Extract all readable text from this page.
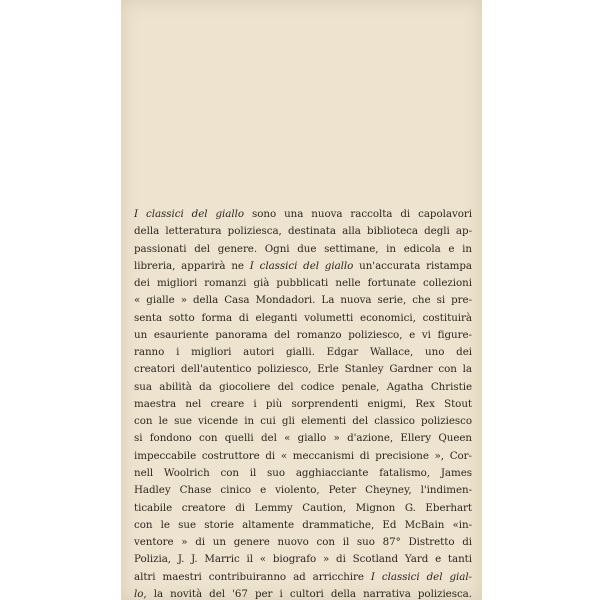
I classici del giallo sono una nuova raccolta di capolavori
della letteratura poliziesca, destinata alla biblioteca degli ap-
passionati del genere. Ogni due settimane, in edicola e in
libreria, apparirà ne I classici del giallo un'accurata ristampa
dei migliori romanzi già pubblicati nelle fortunate collezioni
« gialle » della Casa Mondadori. La nuova serie, che si pre-
senta sotto forma di eleganti volumetti economici, costituirà
un esauriente panorama del romanzo poliziesco, e vi figure-
ranno i migliori autori gialli. Edgar Wallace, uno dei
creatori dell'autentico poliziesco, Erle Stanley Gardner con la
sua abilità da giocoliere del codice penale, Agatha Christie
maestra nel creare i più sorprendenti enigmi, Rex Stout
con le sue vicende in cui gli elementi del classico poliziesco
si fondono con quelli del « giallo » d'azione, Ellery Queen
impeccabile costruttore di « meccanismi di precisione », Cor-
nell Woolrich con il suo agghiacciante fatalismo, James
Hadley Chase cinico e violento, Peter Cheyney, l'indimen-
ticabile creatore di Lemmy Caution, Mignon G. Eberhart
con le sue storie altamente drammatiche, Ed McBain «in-
ventore » di un genere nuovo con il suo 87° Distretto di
Polizia, J. J. Marric il « biografo » di Scotland Yard e tanti
altri maestri contribuiranno ad arricchire I classici del gial-
lo, la novità del '67 per i cultori della narrativa poliziesca.
